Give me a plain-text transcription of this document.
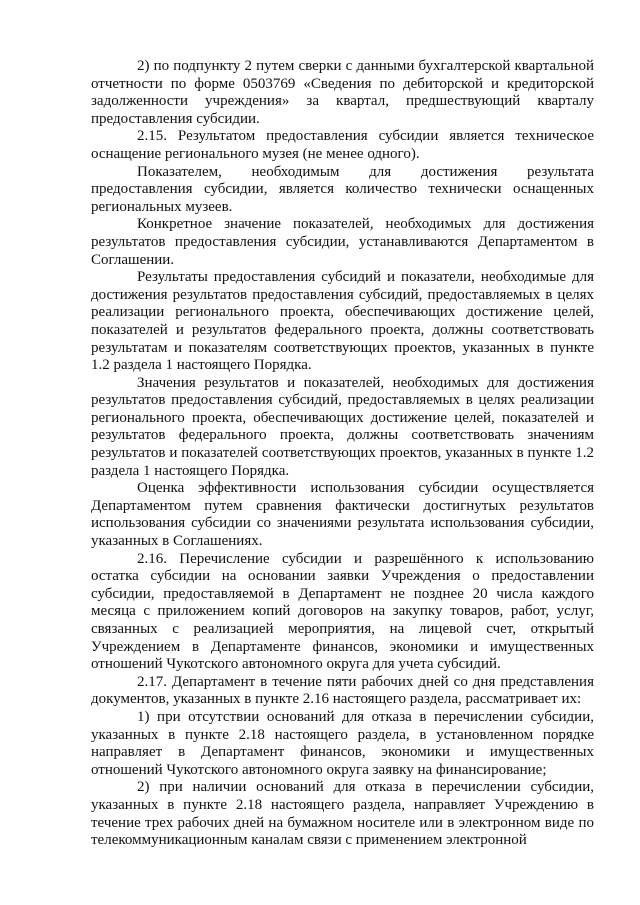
2) по подпункту 2 путем сверки с данными бухгалтерской квартальной отчетности по форме 0503769 «Сведения по дебиторской и кредиторской задолженности учреждения» за квартал, предшествующий кварталу предоставления субсидии.

2.15. Результатом предоставления субсидии является техническое оснащение регионального музея (не менее одного).

Показателем, необходимым для достижения результата предоставления субсидии, является количество технически оснащенных региональных музеев.

Конкретное значение показателей, необходимых для достижения результатов предоставления субсидии, устанавливаются Департаментом в Соглашении.

Результаты предоставления субсидий и показатели, необходимые для достижения результатов предоставления субсидий, предоставляемых в целях реализации регионального проекта, обеспечивающих достижение целей, показателей и результатов федерального проекта, должны соответствовать результатам и показателям соответствующих проектов, указанных в пункте 1.2 раздела 1 настоящего Порядка.

Значения результатов и показателей, необходимых для достижения результатов предоставления субсидий, предоставляемых в целях реализации регионального проекта, обеспечивающих достижение целей, показателей и результатов федерального проекта, должны соответствовать значениям результатов и показателей соответствующих проектов, указанных в пункте 1.2 раздела 1 настоящего Порядка.

Оценка эффективности использования субсидии осуществляется Департаментом путем сравнения фактически достигнутых результатов использования субсидии со значениями результата использования субсидии, указанных в Соглашениях.

2.16. Перечисление субсидии и разрешённого к использованию остатка субсидии на основании заявки Учреждения о предоставлении субсидии, предоставляемой в Департамент не позднее 20 числа каждого месяца с приложением копий договоров на закупку товаров, работ, услуг, связанных с реализацией мероприятия, на лицевой счет, открытый Учреждением в Департаменте финансов, экономики и имущественных отношений Чукотского автономного округа для учета субсидий.

2.17. Департамент в течение пяти рабочих дней со дня представления документов, указанных в пункте 2.16 настоящего раздела, рассматривает их:

1) при отсутствии оснований для отказа в перечислении субсидии, указанных в пункте 2.18 настоящего раздела, в установленном порядке направляет в Департамент финансов, экономики и имущественных отношений Чукотского автономного округа заявку на финансирование;

2) при наличии оснований для отказа в перечислении субсидии, указанных в пункте 2.18 настоящего раздела, направляет Учреждению в течение трех рабочих дней на бумажном носителе или в электронном виде по телекоммуникационным каналам связи с применением электронной
